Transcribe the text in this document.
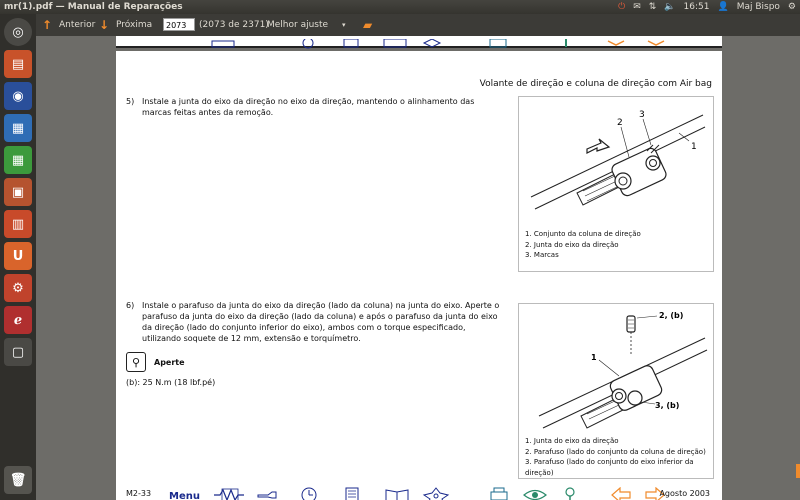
mr(1).pdf — Manual de Reparações	⏻ ✉ ⇅ 🔈 16:51 👤 Maj Bispo ⚙
◎
▤
◉
▦
▦
▣
▥
U
⚙
ℯ
▢
🗑
↑ Anterior ↓ Próxima	2073	(2073 de 2371)
Melhor ajuste ▾ ▰
Volante de direção e coluna de direção com Air bag
5) Instale a junta do eixo da direção no eixo da direção, mantendo o alinhamento das marcas feitas antes da remoção.
2
3
1
1. Conjunto da coluna de direção
2. Junta do eixo da direção
3. Marcas
6) Instale o parafuso da junta do eixo da direção (lado da coluna) na junta do eixo. Aperte o parafuso da junta do eixo da direção (lado da coluna) e após o parafuso da junta do eixo da direção (lado do conjunto inferior do eixo), ambos com o torque especificado, utilizando soquete de 12 mm, extensão e torquímetro.
⚲	Aperte
(b): 25 N.m (18 lbf.pé)
2, (b)
1
3, (b)
1. Junta do eixo da direção
2. Parafuso (lado do conjunto da coluna de direção)
3. Parafuso (lado do conjunto do eixo inferior da direção)
M2-33 Menu	Agosto 2003
